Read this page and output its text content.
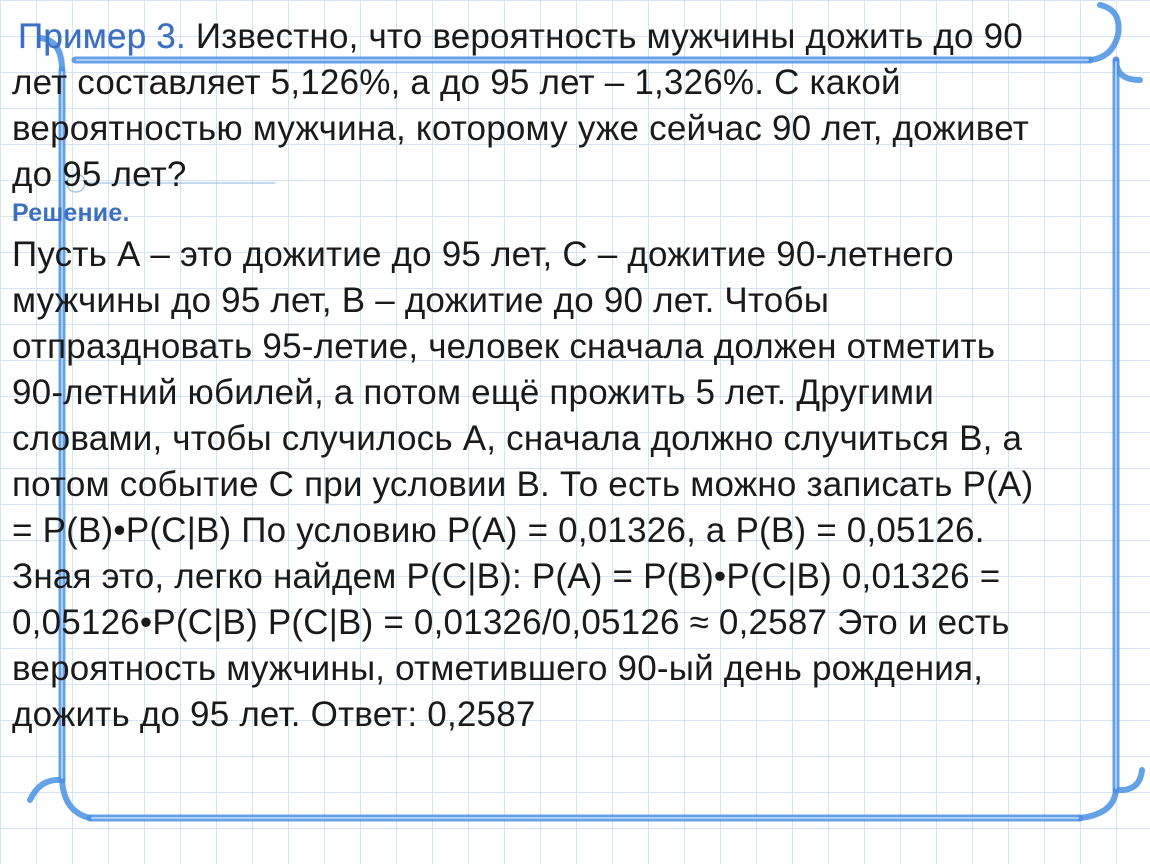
Пример 3. Известно, что вероятность мужчины дожить до 90

лет составляет 5,126%, а до 95 лет – 1,326%. С какой

вероятностью мужчина, которому уже сейчас 90 лет, доживет

до 95 лет?

Решение.

Пусть А – это дожитие до 95 лет, С – дожитие 90-летнего

мужчины до 95 лет, В – дожитие до 90 лет. Чтобы

отпраздновать 95-летие, человек сначала должен отметить

90-летний юбилей, а потом ещё прожить 5 лет. Другими

словами, чтобы случилось А, сначала должно случиться В, а

потом событие С при условии В. То есть можно записать Р(А)

= Р(В)•Р(С|В) По условию Р(А) = 0,01326, а Р(В) = 0,05126.

Зная это, легко найдем Р(С|В): Р(А) = Р(В)•Р(С|В) 0,01326 =

0,05126•Р(С|В) Р(С|В) = 0,01326/0,05126 ≈ 0,2587 Это и есть

вероятность мужчины, отметившего 90-ый день рождения,

дожить до 95 лет. Ответ: 0,2587
